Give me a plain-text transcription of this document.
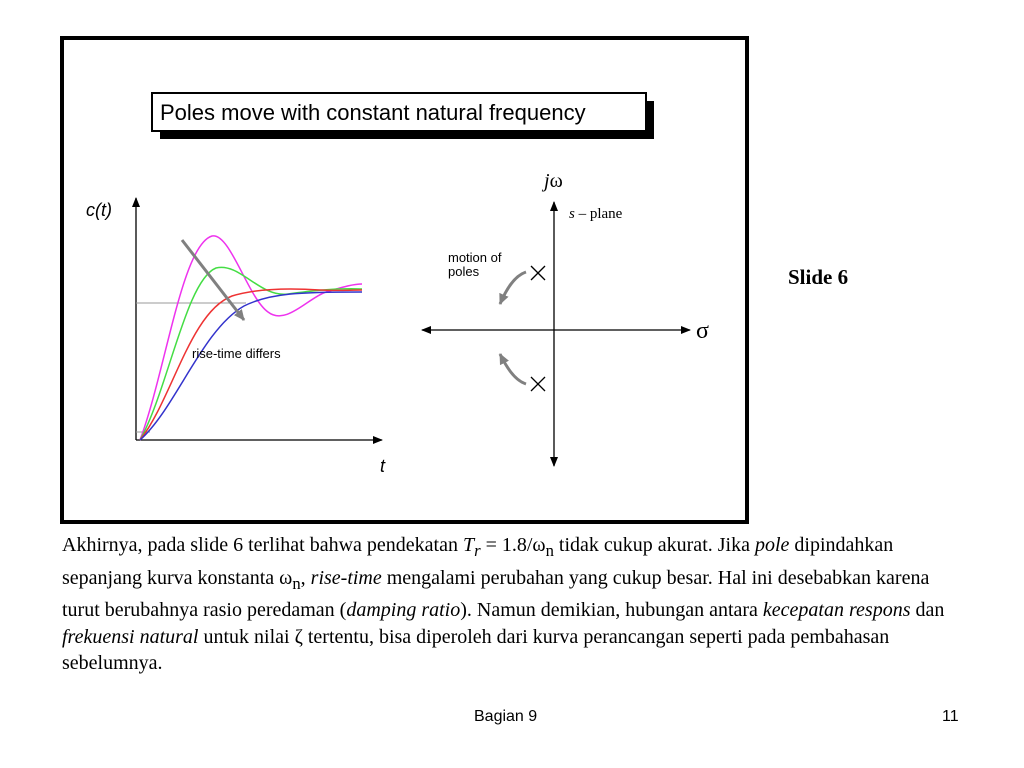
Poles move with constant natural frequency
c(t)
t
rise-time differs
jω
s – plane
σ
motion of poles	Slide 6
Akhirnya, pada slide 6 terlihat bahwa pendekatan $T_r = 1.8/\omega_n$ tidak cukup akurat. Jika pole dipindahkan sepanjang kurva konstanta $\omega_n$, rise-time mengalami perubahan yang cukup besar. Hal ini desebabkan karena turut berubahnya rasio peredaman (damping ratio). Namun demikian, hubungan antara kecepatan respons dan frekuensi natural untuk nilai ζ tertentu, bisa diperoleh dari kurva perancangan seperti pada pembahasan sebelumnya.
Bagian 9	11
